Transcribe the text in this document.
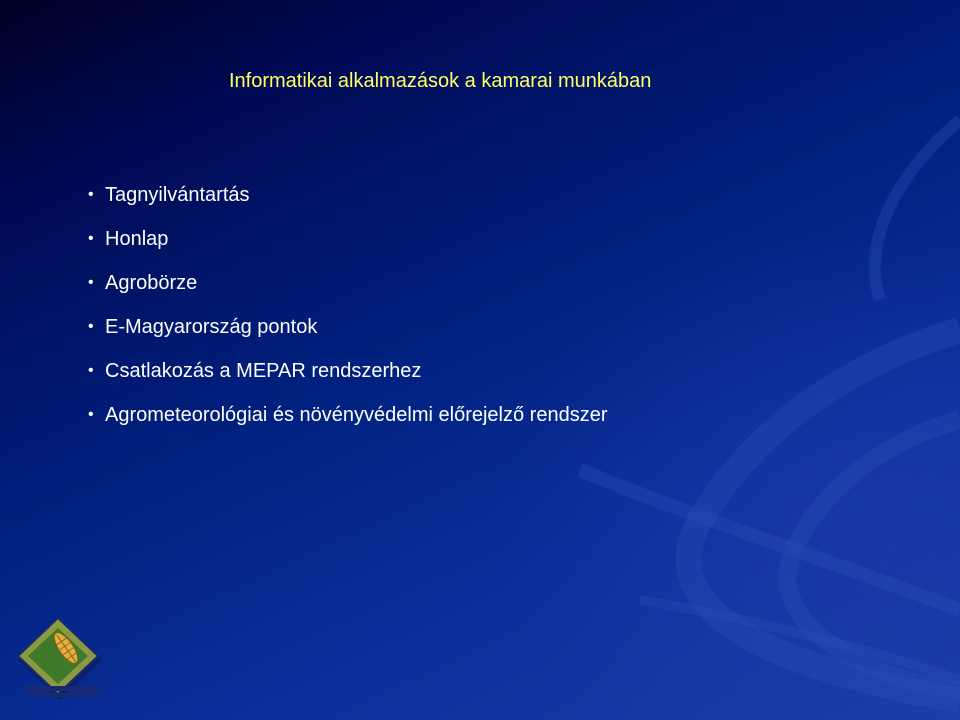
Informatikai alkalmazások a kamarai munkában
• Tagnyilvántartás
• Honlap
• Agrobörze
• E-Magyarország pontok
• Csatlakozás a MEPAR rendszerhez
• Agrometeorológiai és növényvédelmi előrejelző rendszer
